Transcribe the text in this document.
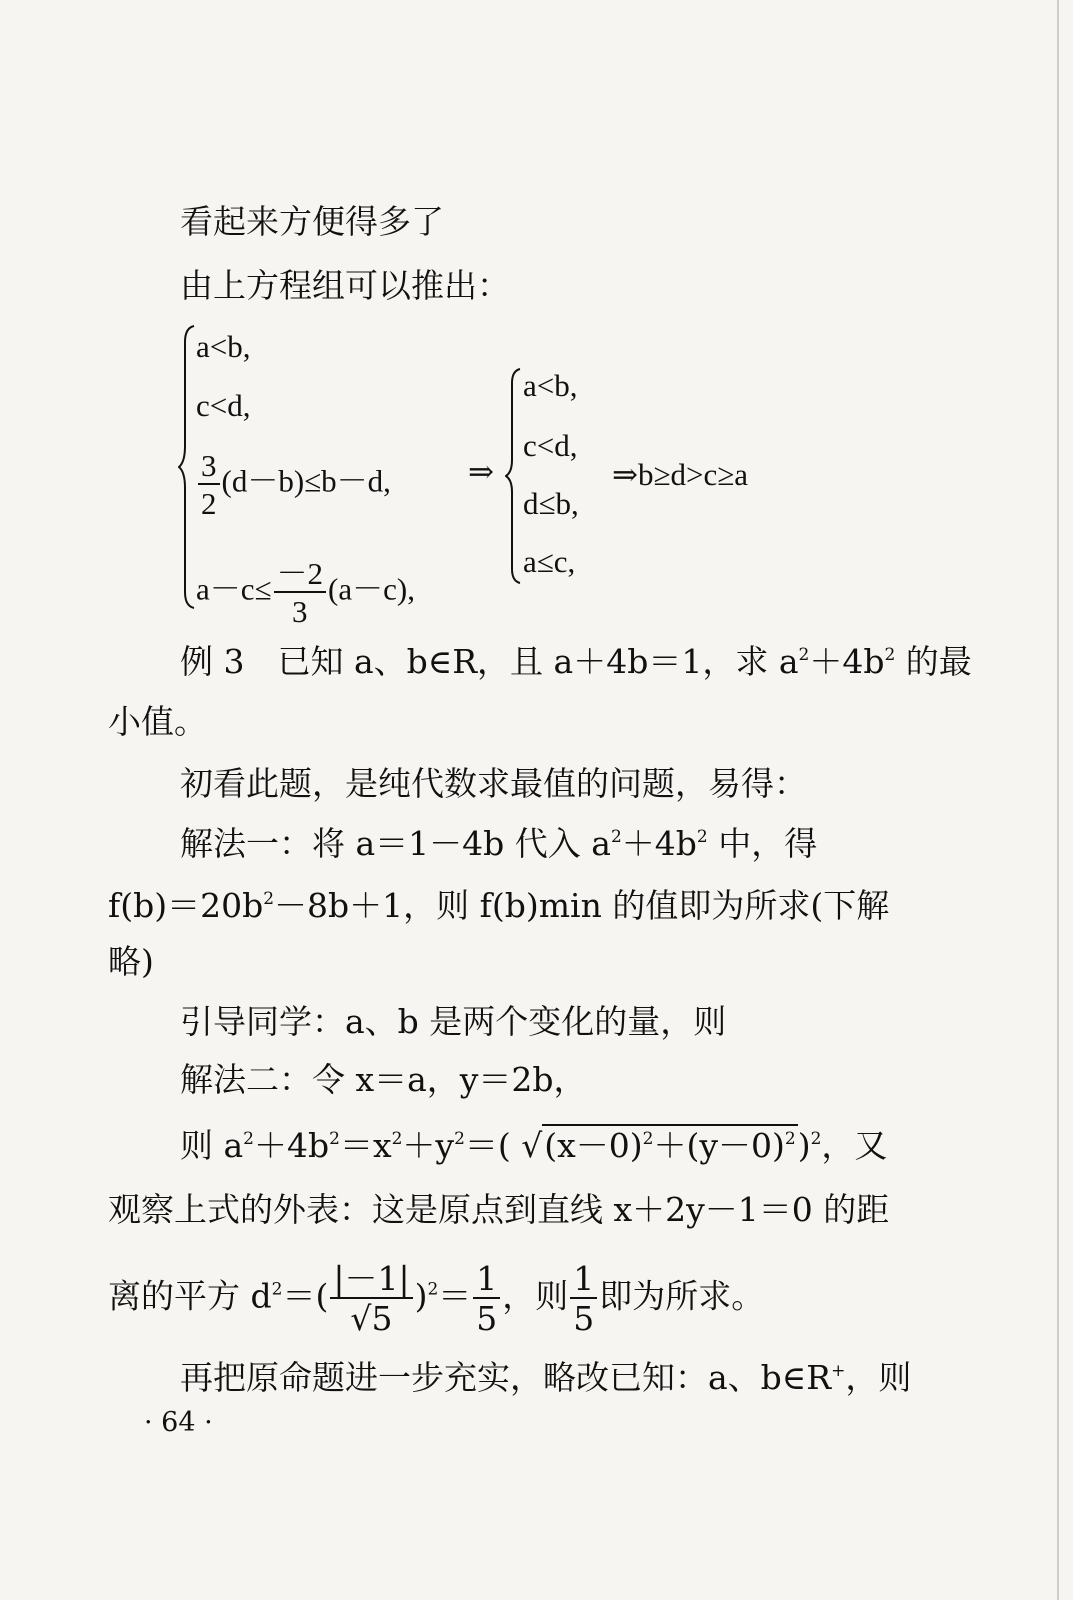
看起来方便得多了
由上方程组可以推出：
a<b,
c<d,
$\frac{3}{2} (d-b)\le b-d$,
$a-c\le \frac{-2}{3} (a-c)$,
⇒
a<b,
c<d,
d≤b,
a≤c,
⇒b≥d>c≥a
例 3　已知 a、b∈R，且 a＋4b＝1，求 $a^2+4b^2$ 的最
小值。
初看此题，是纯代数求最值的问题，易得：
解法一：将 a＝1－4b 代入 $a^2+4b^2$ 中，得
$f(b)=20b^2-8b+1$，则 f(b)min 的值即为所求(下解
略)
引导同学：a、b 是两个变化的量，则
解法二：令 x＝a，y＝2b，
则 $a^2+4b^2=x^2+y^2=$( $√(x-0)^2+(y-0)^2)^2$，又
观察上式的外表：这是原点到直线 x＋2y－1＝0 的距
离的平方 $d^2=( \frac{|-1|}{√5} )^2= \frac{1}{5}$ ，则 $\frac{1}{5}$ 即为所求。
再把原命题进一步充实，略改已知：a、b∈R+，则
· 64 ·
